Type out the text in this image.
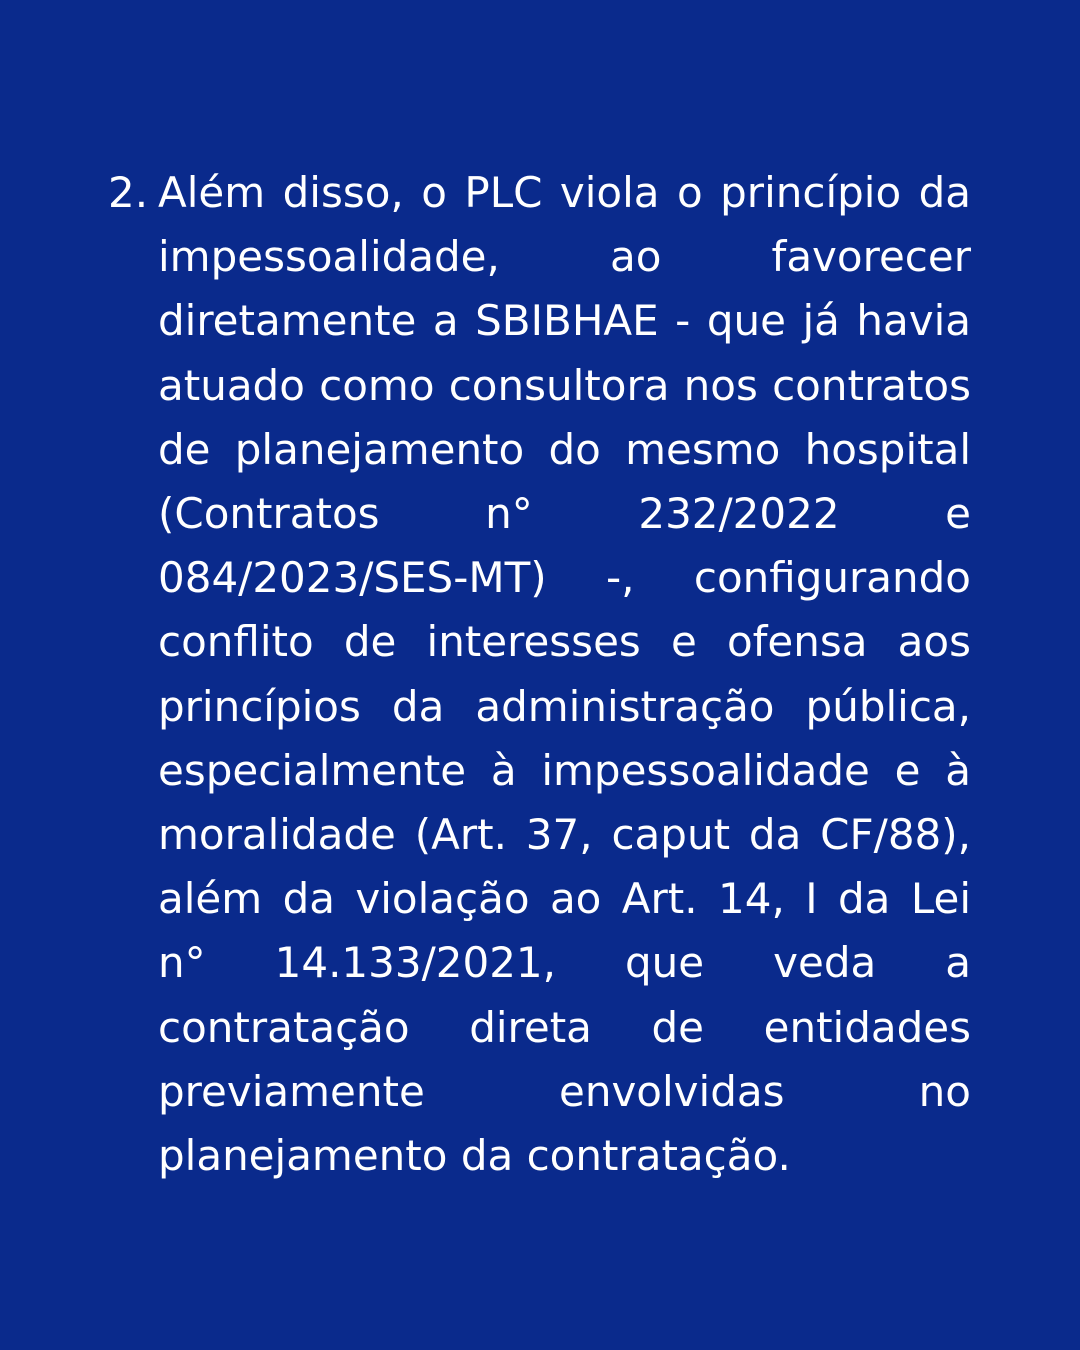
2. Além disso, o PLC viola o princípio da impessoalidade, ao favorecer diretamente a SBIBHAE - que já havia atuado como consultora nos contratos de planejamento do mesmo hospital (Contratos n° 232/2022 e 084/2023/SES-MT) -, configurando conflito de interesses e ofensa aos princípios da administração pública, especialmente à impessoalidade e à moralidade (Art. 37, caput da CF/88), além da violação ao Art. 14, I da Lei n° 14.133/2021, que veda a contratação direta de entidades previamente envolvidas no planejamento da contratação.
